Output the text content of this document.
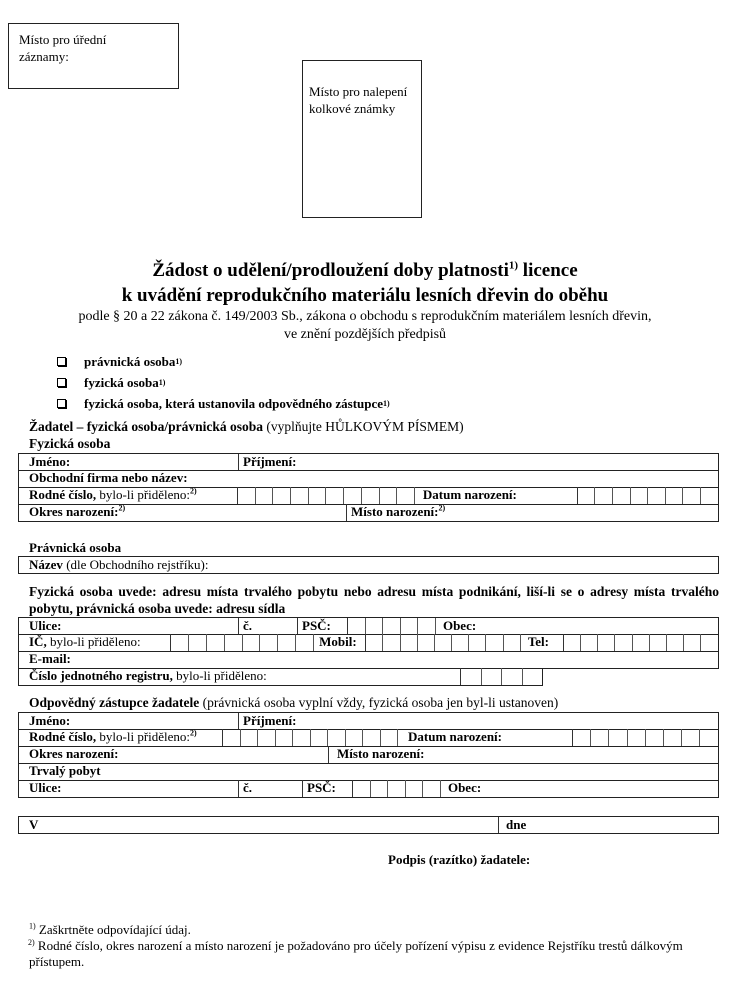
Místo pro úřední záznamy:
Místo pro nalepení kolkové známky
Žádost o udělení/prodloužení doby platnosti$^{1)}$ licence
k uvádění reprodukčního materiálu lesních dřevin do oběhu
podle § 20 a 22 zákona č. 149/2003 Sb., zákona o obchodu s reprodukčním materiálem lesních dřevin,
ve znění pozdějších předpisů
právnická osoba 1)
fyzická osoba 1)
fyzická osoba, která ustanovila odpovědného zástupce 1)
Žadatel – fyzická osoba/právnická osoba (vyplňujte HŮLKOVÝM PÍSMEM)
Fyzická osoba
Jméno:	Příjmení:
Obchodní firma nebo název:
Rodné číslo, bylo-li přiděleno:$^{2)}$	Datum narození:
Okres narození:$^{2)}$	Místo narození:$^{2)}$
Právnická osoba
Název (dle Obchodního rejstříku):
Fyzická osoba uvede: adresu místa trvalého pobytu nebo adresu místa podnikání, liší-li se o adresy místa trvalého pobytu, právnická osoba uvede: adresu sídla
Ulice:	č.	PSČ:	Obec:
IČ, bylo-li přiděleno:	Mobil:	Tel:
E-mail:
Číslo jednotného registru, bylo-li přiděleno:
Odpovědný zástupce žadatele (právnická osoba vyplní vždy, fyzická osoba jen byl-li ustanoven)
Jméno:	Příjmení:
Rodné číslo, bylo-li přiděleno:$^{2)}$	Datum narození:
Okres narození:	Místo narození:
Trvalý pobyt
Ulice:	č.	PSČ:	Obec:
V	dne
Podpis (razítko) žadatele:
$^{1)}$ Zaškrtněte odpovídající údaj.
$^{2)}$ Rodné číslo, okres narození a místo narození je požadováno pro účely pořízení výpisu z evidence Rejstříku trestů dálkovým přístupem.
